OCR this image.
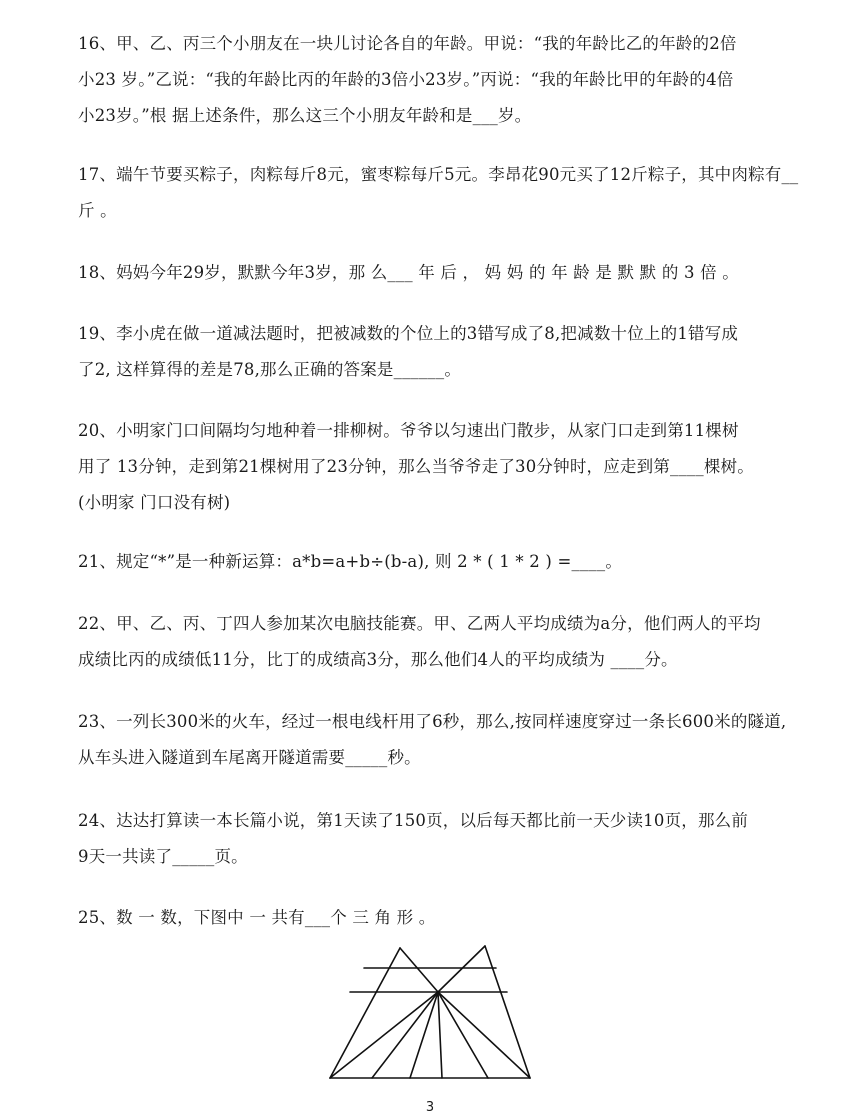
16、甲、乙、丙三个小朋友在一块儿讨论各自的年龄。甲说：“我的年龄比乙的年龄的2倍
小23 岁。”乙说：“我的年龄比丙的年龄的3倍小23岁。”丙说：“我的年龄比甲的年龄的4倍
小23岁。”根 据上述条件，那么这三个小朋友年龄和是___岁。
17、端午节要买粽子，肉粽每斤8元，蜜枣粽每斤5元。李昂花90元买了12斤粽子，其中肉粽有__
斤 。
18、妈妈今年29岁，默默今年3岁，那 么___ 年 后 ， 妈 妈 的 年 龄 是 默 默 的 3 倍 。
19、李小虎在做一道减法题时，把被减数的个位上的3错写成了8,把减数十位上的1错写成
了2, 这样算得的差是78,那么正确的答案是______。
20、小明家门口间隔均匀地种着一排柳树。爷爷以匀速出门散步，从家门口走到第11棵树
用了 13分钟，走到第21棵树用了23分钟，那么当爷爷走了30分钟时，应走到第____棵树。
(小明家 门口没有树)
21、规定“*”是一种新运算：a*b=a+b÷(b-a), 则 2 * ( 1 * 2 ) =____。
22、甲、乙、丙、丁四人参加某次电脑技能赛。甲、乙两人平均成绩为a分，他们两人的平均
成绩比丙的成绩低11分，比丁的成绩高3分，那么他们4人的平均成绩为 ____分。
23、一列长300米的火车，经过一根电线杆用了6秒，那么,按同样速度穿过一条长600米的隧道,
从车头进入隧道到车尾离开隧道需要_____秒。
24、达达打算读一本长篇小说，第1天读了150页，以后每天都比前一天少读10页，那么前
9天一共读了_____页。
25、数 一 数，下图中 一 共有___个 三 角 形 。
3
